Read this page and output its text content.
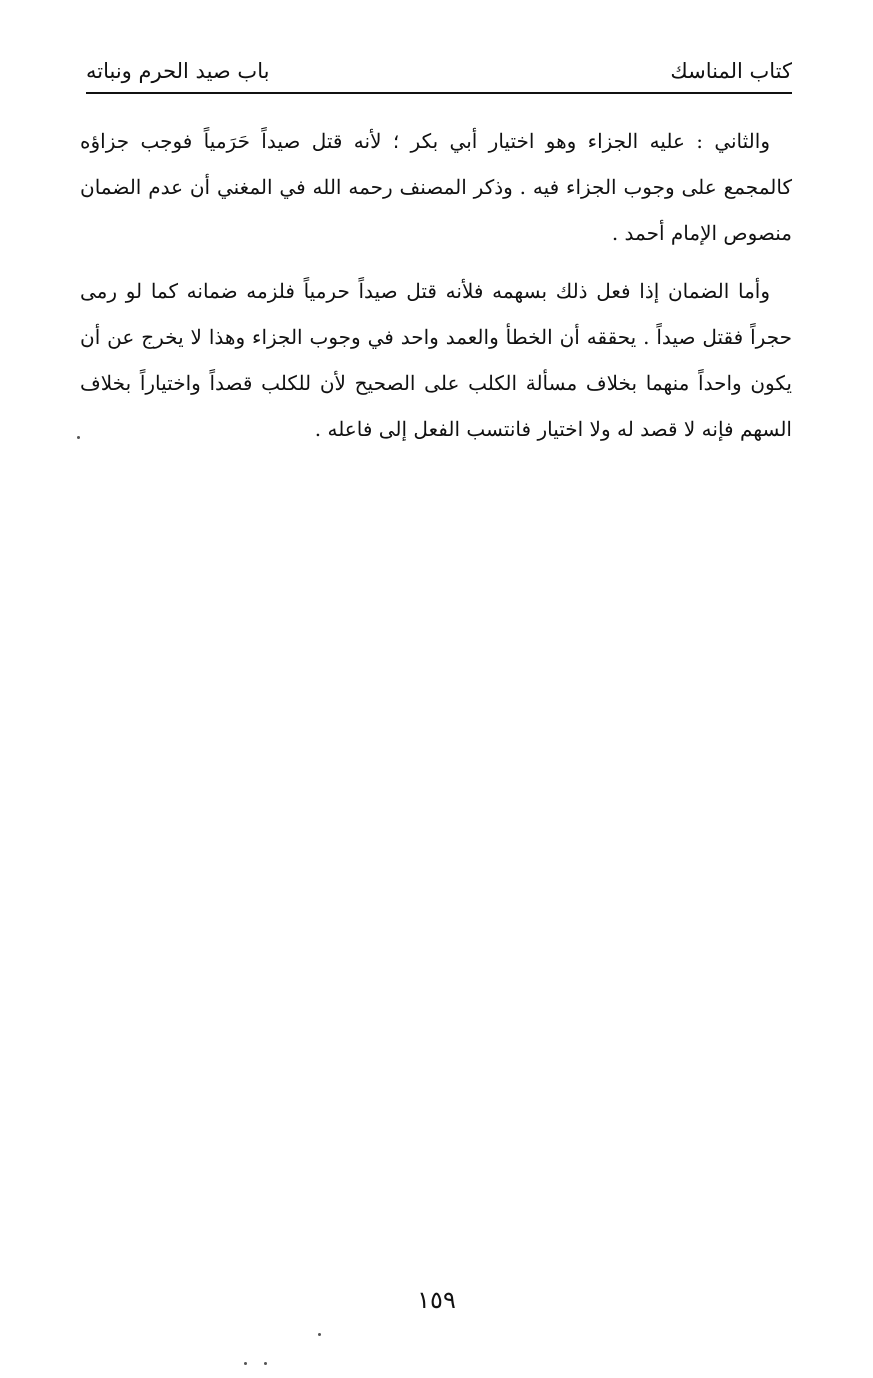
كتاب المناسك
باب صيد الحرم ونباته

والثاني : عليه الجزاء وهو اختيار أبي بكر ؛ لأنه قتل صيداً حَرَمياً فوجب جزاؤه كالمجمع على وجوب الجزاء فيه . وذكر المصنف رحمه الله في المغني أن عدم الضمان منصوص الإمام أحمد .

وأما الضمان إذا فعل ذلك بسهمه فلأنه قتل صيداً حرمياً فلزمه ضمانه كما لو رمى حجراً فقتل صيداً . يحققه أن الخطأ والعمد واحد في وجوب الجزاء وهذا لا يخرج عن أن يكون واحداً منهما بخلاف مسألة الكلب على الصحيح لأن للكلب قصداً واختياراً بخلاف السهم فإنه لا قصد له ولا اختيار فانتسب الفعل إلى فاعله .

١٥٩
